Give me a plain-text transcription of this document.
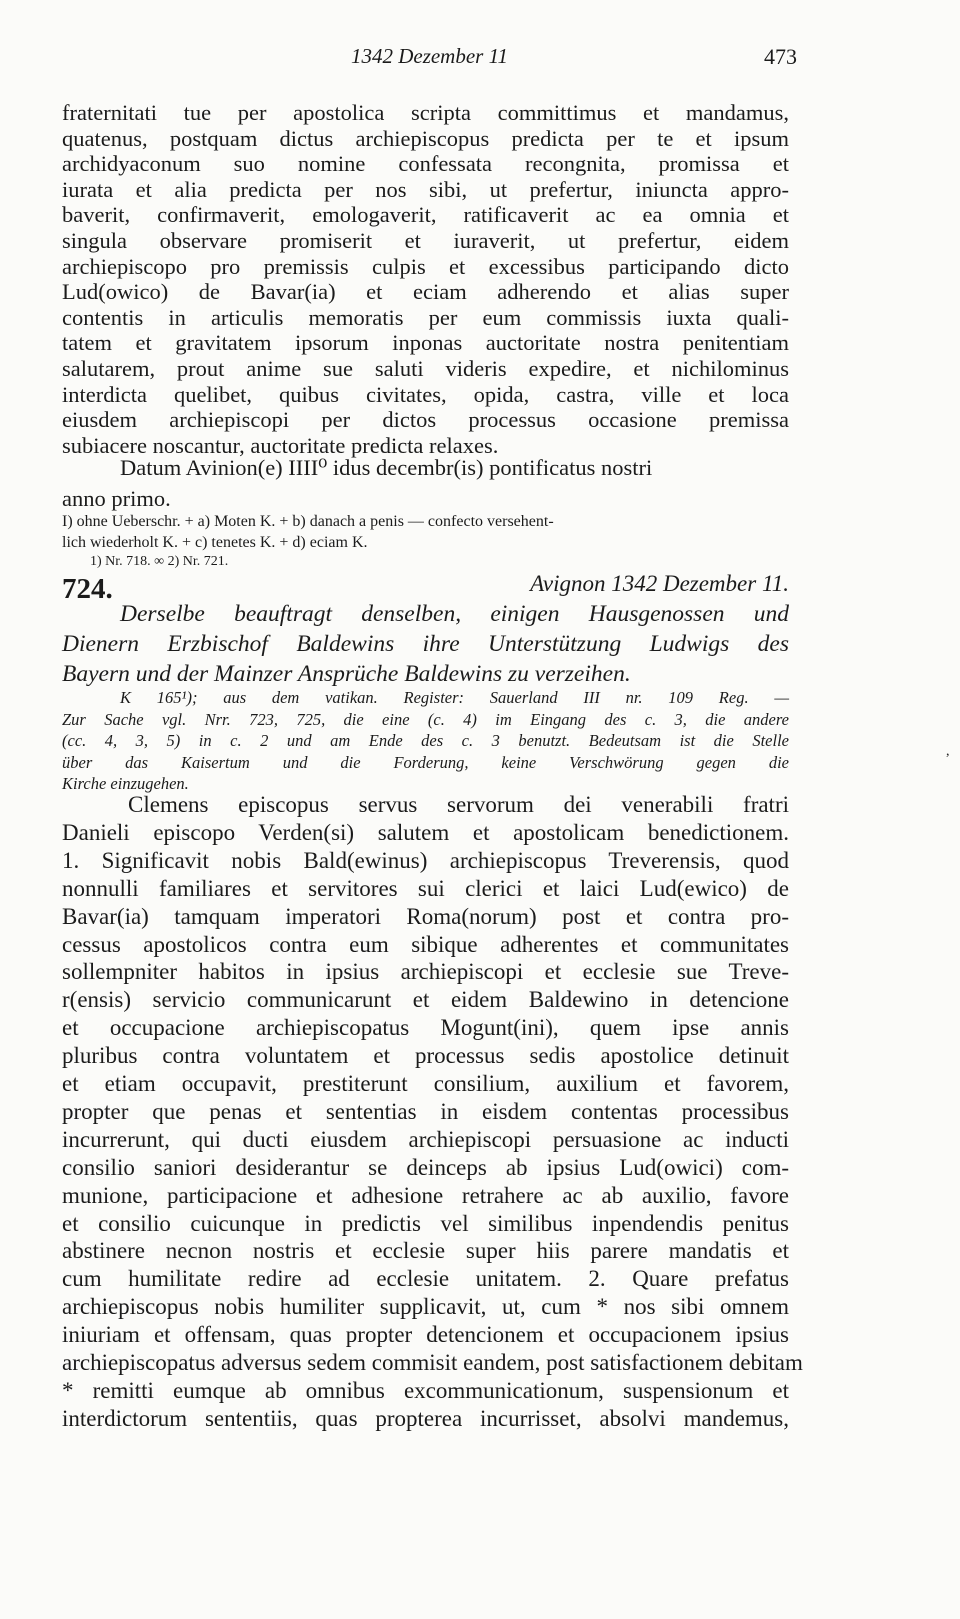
1342 Dezember 11	473
fraternitati tue per apostolica scripta committimus et mandamus,
quatenus, postquam dictus archiepiscopus predicta per te et ipsum
archidyaconum suo nomine confessata recongnita, promissa et
iurata et alia predicta per nos sibi, ut prefertur, iniuncta appro-
baverit, confirmaverit, emologaverit, ratificaverit ac ea omnia et
singula observare promiserit et iuraverit, ut prefertur, eidem
archiepiscopo pro premissis culpis et excessibus participando dicto
Lud(owico) de Bavar(ia) et eciam adherendo et alias super
contentis in articulis memoratis per eum commissis iuxta quali-
tatem et gravitatem ipsorum inponas auctoritate nostra penitentiam
salutarem, prout anime sue saluti videris expedire, et nichilominus
interdicta quelibet, quibus civitates, opida, castra, ville et loca
eiusdem archiepiscopi per dictos processus occasione premissa
subiacere noscantur, auctoritate predicta relaxes.
Datum Avinion(e) IIII⁰ idus decembr(is) pontificatus nostri
anno primo.
I) ohne Ueberschr. + a) Moten K. + b) danach a penis — confecto versehent-
lich wiederholt K. + c) tenetes K. + d) eciam K.
1) Nr. 718. ∞ 2) Nr. 721.
724.	Avignon 1342 Dezember 11.
Derselbe beauftragt denselben, einigen Hausgenossen und
Dienern Erzbischof Baldewins ihre Unterstützung Ludwigs des
Bayern und der Mainzer Ansprüche Baldewins zu verzeihen.
K 165¹); aus dem vatikan. Register: Sauerland III nr. 109 Reg. —
Zur Sache vgl. Nrr. 723, 725, die eine (c. 4) im Eingang des c. 3, die andere
(cc. 4, 3, 5) in c. 2 und am Ende des c. 3 benutzt. Bedeutsam ist die Stelle
über das Kaisertum und die Forderung, keine Verschwörung gegen die
Kirche einzugehen.
Clemens episcopus servus servorum dei venerabili fratri
Danieli episcopo Verden(si) salutem et apostolicam benedictionem.
1. Significavit nobis Bald(ewinus) archiepiscopus Treverensis, quod
nonnulli familiares et servitores sui clerici et laici Lud(ewico) de
Bavar(ia) tamquam imperatori Roma(norum) post et contra pro-
cessus apostolicos contra eum sibique adherentes et communitates
sollempniter habitos in ipsius archiepiscopi et ecclesie sue Treve-
r(ensis) servicio communicarunt et eidem Baldewino in detencione
et occupacione archiepiscopatus Mogunt(ini), quem ipse annis
pluribus contra voluntatem et processus sedis apostolice detinuit
et etiam occupavit, prestiterunt consilium, auxilium et favorem,
propter que penas et sententias in eisdem contentas processibus
incurrerunt, qui ducti eiusdem archiepiscopi persuasione ac inducti
consilio saniori desiderantur se deinceps ab ipsius Lud(owici) com-
munione, participacione et adhesione retrahere ac ab auxilio, favore
et consilio cuicunque in predictis vel similibus inpendendis penitus
abstinere necnon nostris et ecclesie super hiis parere mandatis et
cum humilitate redire ad ecclesie unitatem. 2. Quare prefatus
archiepiscopus nobis humiliter supplicavit, ut, cum * nos sibi omnem
iniuriam et offensam, quas propter detencionem et occupacionem ipsius
archiepiscopatus adversus sedem commisit eandem, post satisfactionem debitam
* remitti eumque ab omnibus excommunicationum, suspensionum et
interdictorum sententiis, quas propterea incurrisset, absolvi mandemus,
,
